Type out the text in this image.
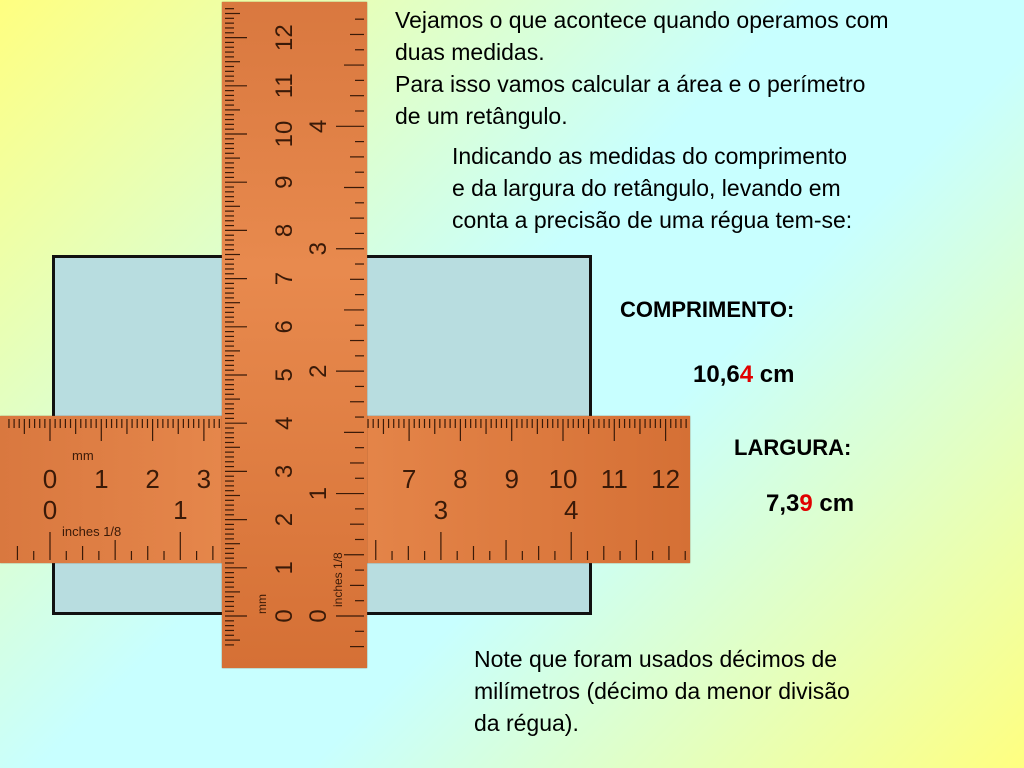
0 1 2 3	7 8 9 10 11 12
mm
0	1	3	4
inches 1/8
0
1
2
3
4
5
6
7
8
9
10
11
12
mm
0
1
2
3
4
inches 1/8
Vejamos o que acontece quando operamos com
duas medidas.
Para isso vamos calcular a área e o perímetro
de um retângulo.
Indicando as medidas do comprimento
e da largura do retângulo, levando em
conta a precisão de uma régua tem-se:
COMPRIMENTO:
10,64 cm
LARGURA:
7,39 cm
Note que foram usados décimos de
milímetros (décimo da menor divisão
da régua).
